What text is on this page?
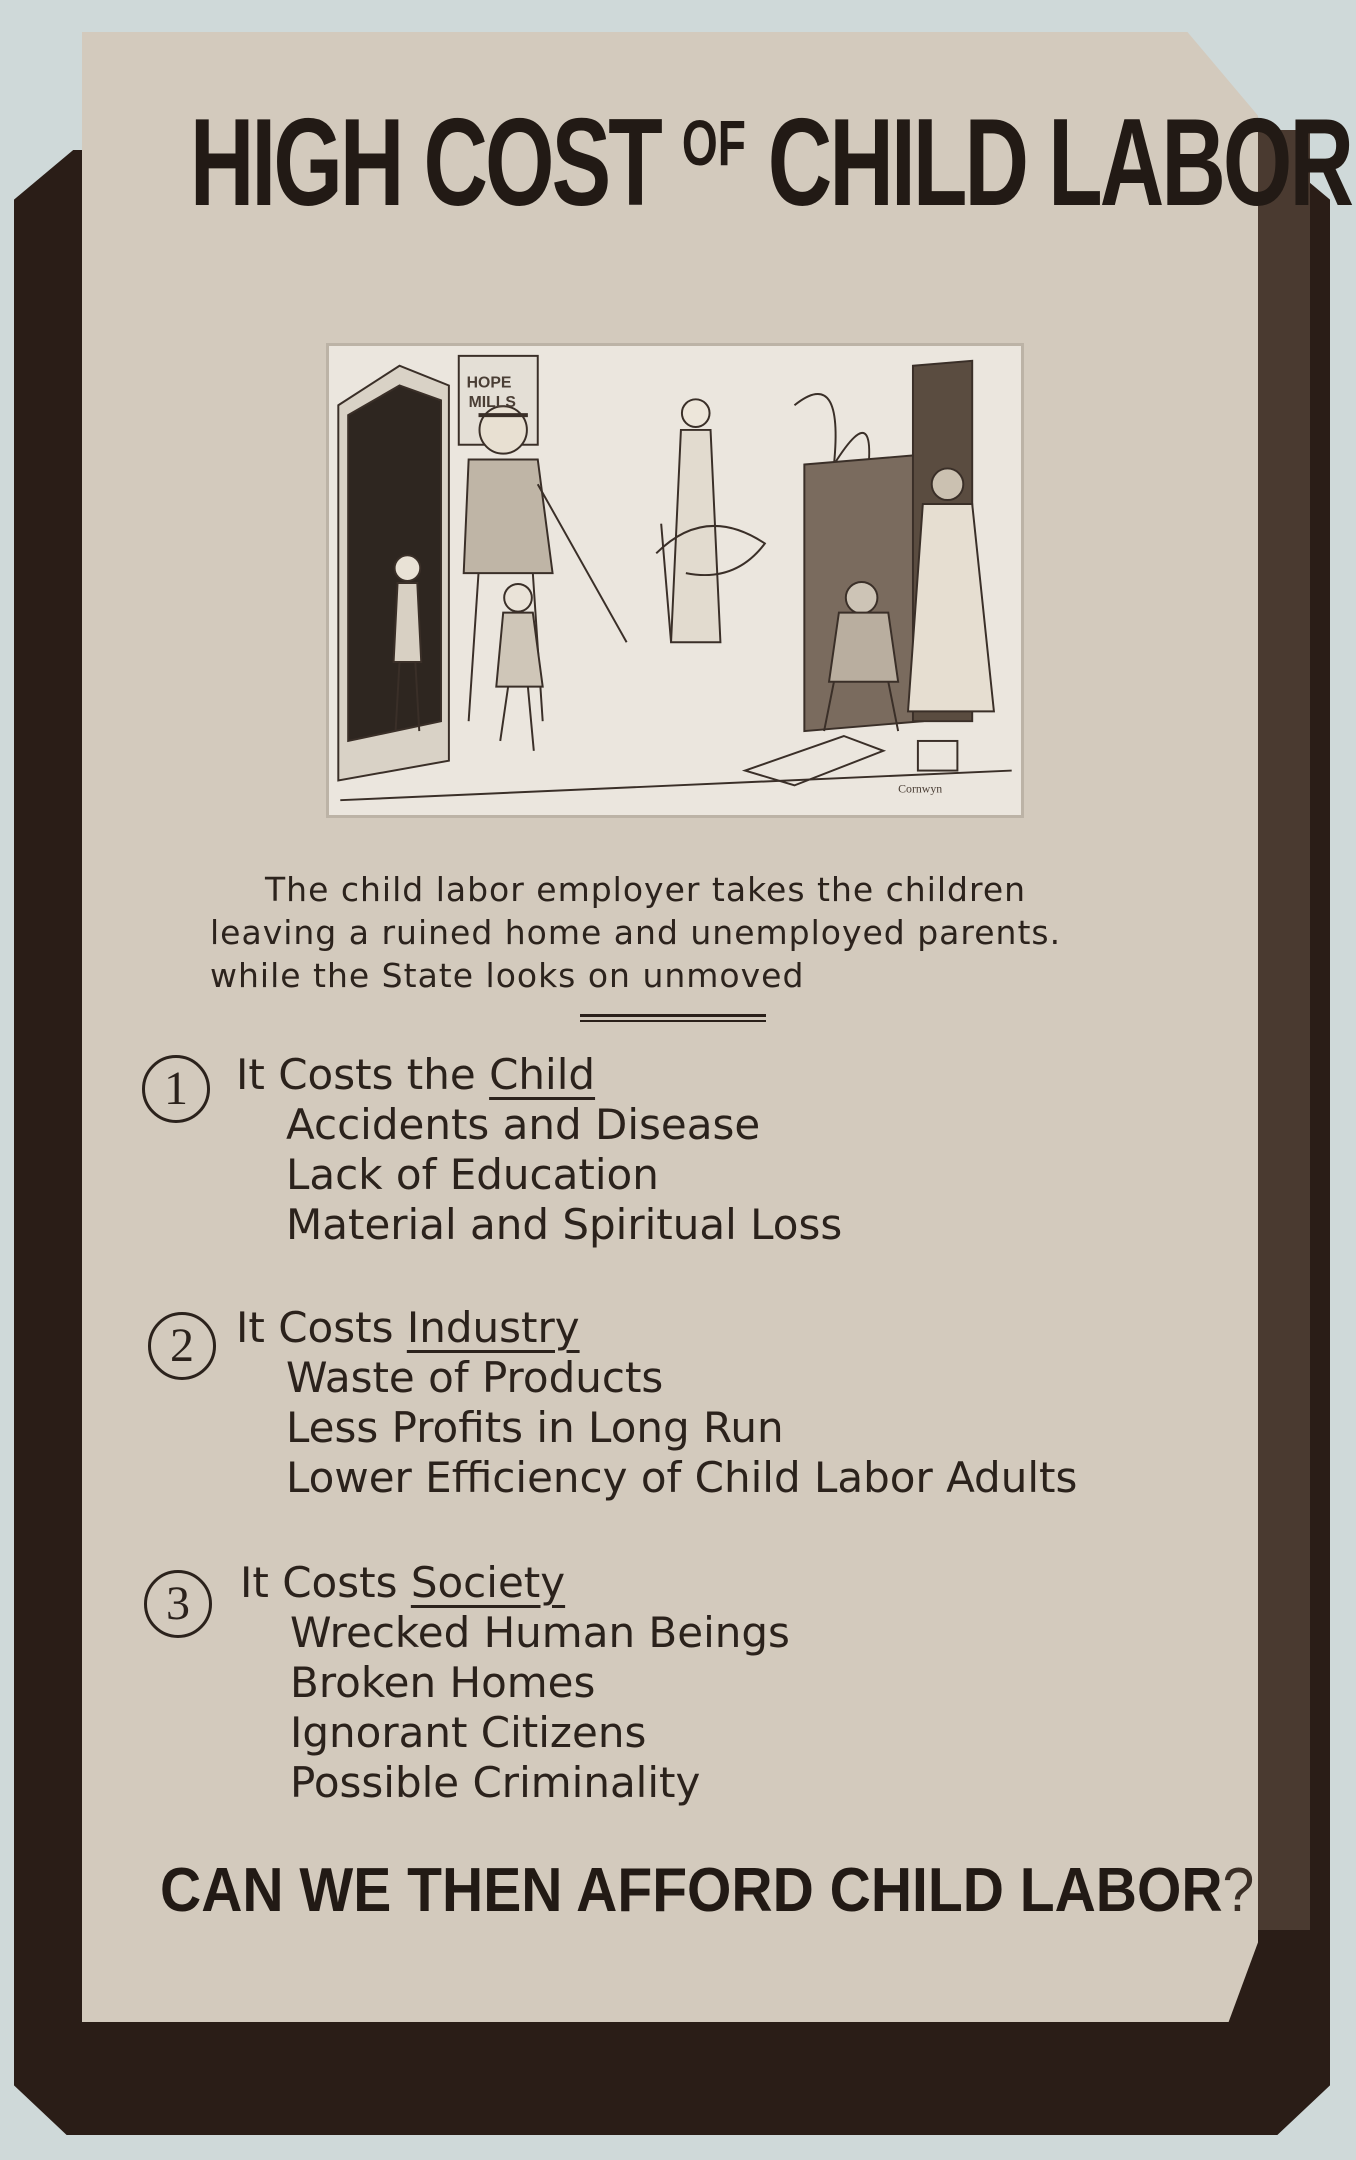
HIGH COST $^{OF}$ CHILD LABOR
HOPE
MILLS
Cornwyn
The child labor employer takes the children
leaving a ruined home and unemployed parents.
while the State looks on unmoved
1	It Costs the Child
Accidents and Disease
Lack of Education
Material and Spiritual Loss
2	It Costs Industry
Waste of Products
Less Profits in Long Run
Lower Efficiency of Child Labor Adults
3	It Costs Society
Wrecked Human Beings
Broken Homes
Ignorant Citizens
Possible Criminality
CAN WE THEN AFFORD CHILD LABOR?
